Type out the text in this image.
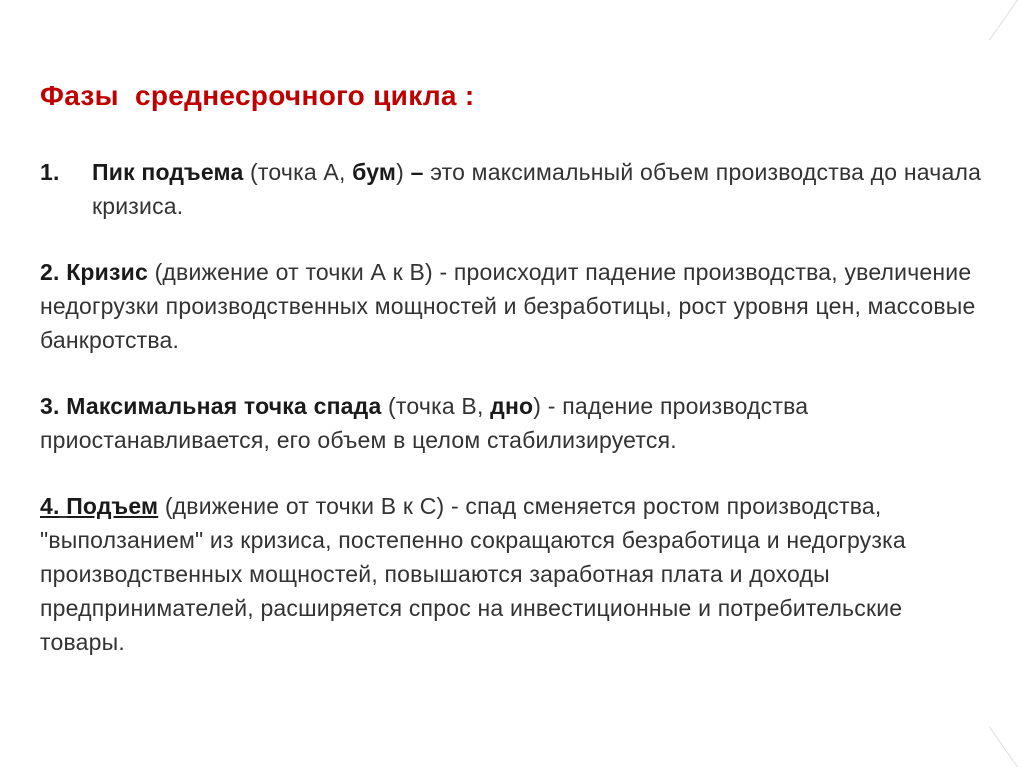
Фазы  среднесрочного цикла :
1.	Пик подъема (точка А, бум) – это максимальный объем производства до начала кризиса.
2. Кризис (движение от точки А к В) - происходит падение производства, увеличение недогрузки производственных мощностей и безработицы, рост уровня цен, массовые банкротства.
3. Максимальная точка спада (точка В, дно) - падение производства приостанавливается, его объем в целом стабилизируется.
4. Подъем (движение от точки В к С) - спад сменяется ростом производства, "выползанием" из кризиса, постепенно сокращаются безработица и недогрузка производственных мощностей, повышаются заработная плата и доходы предпринимателей, расширяется спрос на инвестиционные и потребительские товары.
